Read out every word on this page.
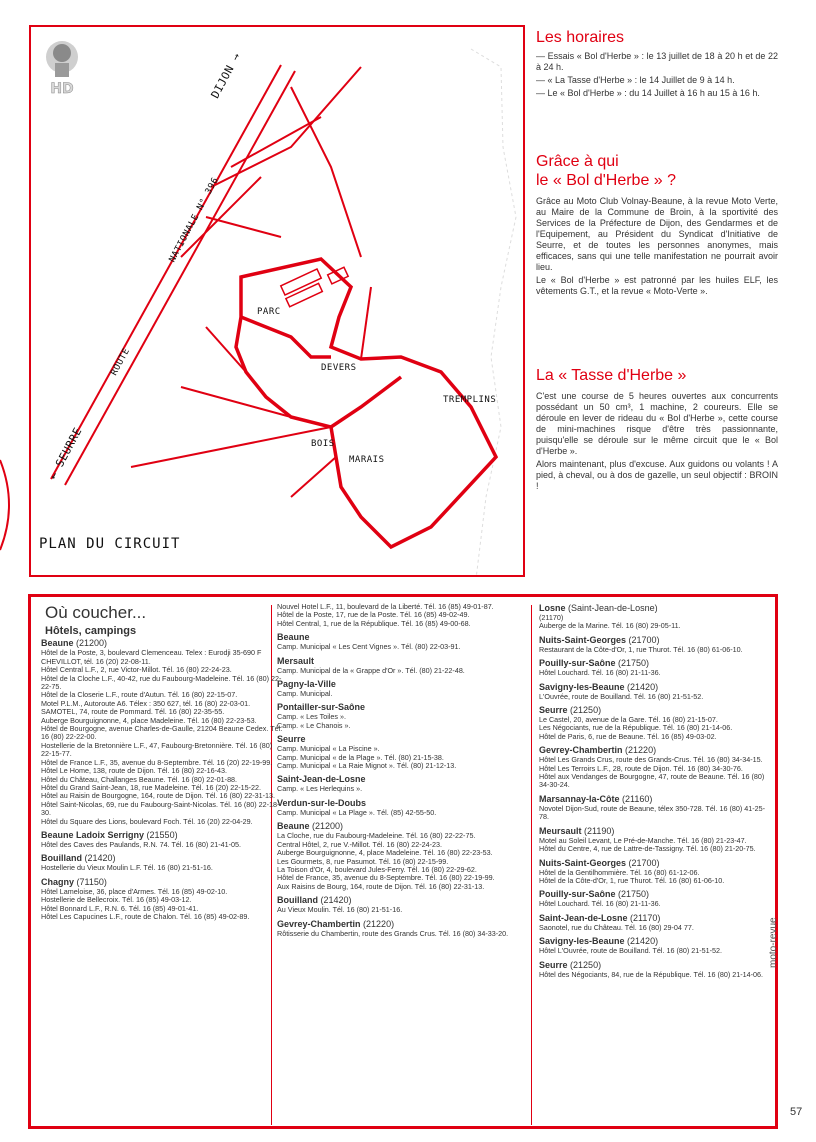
DIJON →
NATIONALE N° 396
ROUTE
← SEURRE
PARC
DEVERS
TREMPLINS
BOIS
MARAIS
HD
PLAN DU CIRCUIT
Les horaires

— Essais « Bol d'Herbe » : le 13 juillet de 18 à 20 h et de 22 à 24 h.

— « La Tasse d'Herbe » : le 14 Juillet de 9 à 14 h.

— Le « Bol d'Herbe » : du 14 Juillet à 16 h au 15 à 16 h.

Grâce à qui
le « Bol d'Herbe » ?

Grâce au Moto Club Volnay-Beaune, à la revue Moto Verte, au Maire de la Commune de Broin, à la sportivité des Services de la Préfecture de Dijon, des Gendarmes et de l'Equipement, au Président du Syndicat d'Initiative de Seurre, et de toutes les personnes anonymes, mais efficaces, sans qui une telle manifestation ne pourrait avoir lieu.

Le « Bol d'Herbe » est patronné par les huiles ELF, les vêtements G.T., et la revue « Moto-Verte ».

La « Tasse d'Herbe »

C'est une course de 5 heures ouvertes aux concurrents possédant un 50 cm³, 1 machine, 2 coureurs. Elle se déroule en lever de rideau du « Bol d'Herbe », cette course de mini-machines risque d'être très passionnante, puisqu'elle se déroule sur le même circuit que le « Bol d'Herbe ».

Alors maintenant, plus d'excuse. Aux guidons ou volants ! A pied, à cheval, ou à dos de gazelle, un seul objectif : BROIN !

Où coucher...
Hôtels, campings
Beaune (21200)
Hôtel de la Poste, 3, boulevard Clemenceau. Telex : Eurodji 35-690 F CHEVILLOT, tél. 16 (20) 22-08-11.
Hôtel Central L.F., 2, rue Victor-Millot. Tél. 16 (80) 22-24-23.
Hôtel de la Cloche L.F., 40-42, rue du Faubourg-Madeleine. Tél. 16 (80) 22-22-75.
Hôtel de la Closerie L.F., route d'Autun. Tél. 16 (80) 22-15-07.
Motel P.L.M., Autoroute A6. Télex : 350 627, tél. 16 (80) 22-03-01.
SAMOTEL, 74, route de Pommard. Tél. 16 (80) 22-35-55.
Auberge Bourguignonne, 4, place Madeleine. Tél. 16 (80) 22-23-53.
Hôtel de Bourgogne, avenue Charles-de-Gaulle, 21204 Beaune Cedex. Tél. 16 (80) 22-22-00.
Hostellerie de la Bretonnière L.F., 47, Faubourg-Bretonnière. Tél. 16 (80) 22-15-77.
Hôtel de France L.F., 35, avenue du 8-Septembre. Tél. 16 (20) 22-19-99.
Hôtel Le Home, 138, route de Dijon. Tél. 16 (80) 22-16-43.
Hôtel du Château, Challanges Beaune. Tél. 16 (80) 22-01-88.
Hôtel du Grand Saint-Jean, 18, rue Madeleine. Tél. 16 (20) 22-15-22.
Hôtel au Raisin de Bourgogne, 164, route de Dijon. Tél. 16 (80) 22-31-13.
Hôtel Saint-Nicolas, 69, rue du Faubourg-Saint-Nicolas. Tél. 16 (80) 22-18-30.
Hôtel du Square des Lions, boulevard Foch. Tél. 16 (20) 22-04-29.
Beaune Ladoix Serrigny (21550)
Hôtel des Caves des Paulands, R.N. 74. Tél. 16 (80) 21-41-05.
Bouilland (21420)
Hostellerie du Vieux Moulin L.F. Tél. 16 (80) 21-51-16.
Chagny (71150)
Hôtel Lameloise, 36, place d'Armes. Tél. 16 (85) 49-02-10.
Hostellerie de Bellecroix. Tél. 16 (85) 49-03-12.
Hôtel Bonnard L.F., R.N. 6. Tél. 16 (85) 49-01-41.
Hôtel Les Capucines L.F., route de Chalon. Tél. 16 (85) 49-02-89.
Nouvel Hotel L.F., 11, boulevard de la Liberté. Tél. 16 (85) 49-01-87.
Hôtel de la Poste, 17, rue de la Poste. Tél. 16 (85) 49-02-49.
Hôtel Central, 1, rue de la République. Tél. 16 (85) 49-00-68.
Beaune
Camp. Municipal « Les Cent Vignes ». Tél. (80) 22-03-91.
Mersault
Camp. Municipal de la « Grappe d'Or ». Tél. (80) 21-22-48.
Pagny-la-Ville
Camp. Municipal.
Pontailler-sur-Saône
Camp. « Les Toiles ».
Camp. « Le Chanois ».
Seurre
Camp. Municipal « La Piscine ».
Camp. Municipal « de la Plage ». Tél. (80) 21-15-38.
Camp. Municipal « La Raie Mignot ». Tél. (80) 21-12-13.
Saint-Jean-de-Losne
Camp. « Les Herlequins ».
Verdun-sur-le-Doubs
Camp. Municipal « La Plage ». Tél. (85) 42-55-50.
Beaune (21200)
La Cloche, rue du Faubourg-Madeleine. Tél. 16 (80) 22-22-75.
Central Hôtel, 2, rue V.-Millot. Tél. 16 (80) 22-24-23.
Auberge Bourguignonne, 4, place Madeleine. Tél. 16 (80) 22-23-53.
Les Gourmets, 8, rue Pasumot. Tél. 16 (80) 22-15-99.
La Toison d'Or, 4, boulevard Jules-Ferry. Tél. 16 (80) 22-29-62.
Hôtel de France, 35, avenue du 8-Septembre. Tél. 16 (80) 22-19-99.
Aux Raisins de Bourg, 164, route de Dijon. Tél. 16 (80) 22-31-13.
Bouilland (21420)
Au Vieux Moulin. Tél. 16 (80) 21-51-16.
Gevrey-Chambertin (21220)
Rôtisserie du Chambertin, route des Grands Crus. Tél. 16 (80) 34-33-20.
Losne (Saint-Jean-de-Losne)
(21170)
Auberge de la Marine. Tél. 16 (80) 29-05-11.
Nuits-Saint-Georges (21700)
Restaurant de la Côte-d'Or, 1, rue Thurot. Tél. 16 (80) 61-06-10.
Pouilly-sur-Saône (21750)
Hôtel Louchard. Tél. 16 (80) 21-11-36.
Savigny-les-Beaune (21420)
L'Ouvrée, route de Bouilland. Tél. 16 (80) 21-51-52.
Seurre (21250)
Le Castel, 20, avenue de la Gare. Tél. 16 (80) 21-15-07.
Les Négociants, rue de la République. Tél. 16 (80) 21-14-06.
Hôtel de Paris, 6, rue de Beaune. Tél. 16 (85) 49-03-02.
Gevrey-Chambertin (21220)
Hôtel Les Grands Crus, route des Grands-Crus. Tél. 16 (80) 34-34-15.
Hôtel Les Terroirs L.F., 28, route de Dijon. Tél. 16 (80) 34-30-76.
Hôtel aux Vendanges de Bourgogne, 47, route de Beaune. Tél. 16 (80) 34-30-24.
Marsannay-la-Côte (21160)
Novotel Dijon-Sud, route de Beaune, télex 350-728. Tél. 16 (80) 41-25-78.
Meursault (21190)
Motel au Soleil Levant, Le Pré-de-Manche. Tél. 16 (80) 21-23-47.
Hôtel du Centre, 4, rue de Lattre-de-Tassigny. Tél. 16 (80) 21-20-75.
Nuits-Saint-Georges (21700)
Hôtel de la Gentilhommière. Tél. 16 (80) 61-12-06.
Hôtel de la Côte-d'Or, 1, rue Thurot. Tél. 16 (80) 61-06-10.
Pouilly-sur-Saône (21750)
Hôtel Louchard. Tél. 16 (80) 21-11-36.
Saint-Jean-de-Losne (21170)
Saonotel, rue du Château. Tél. 16 (80) 29-04 77.
Savigny-les-Beaune (21420)
Hôtel L'Ouvrée, route de Bouilland. Tél. 16 (80) 21-51-52.
Seurre (21250)
Hôtel des Négociants, 84, rue de la République. Tél. 16 (80) 21-14-06.
moto-revue
57
